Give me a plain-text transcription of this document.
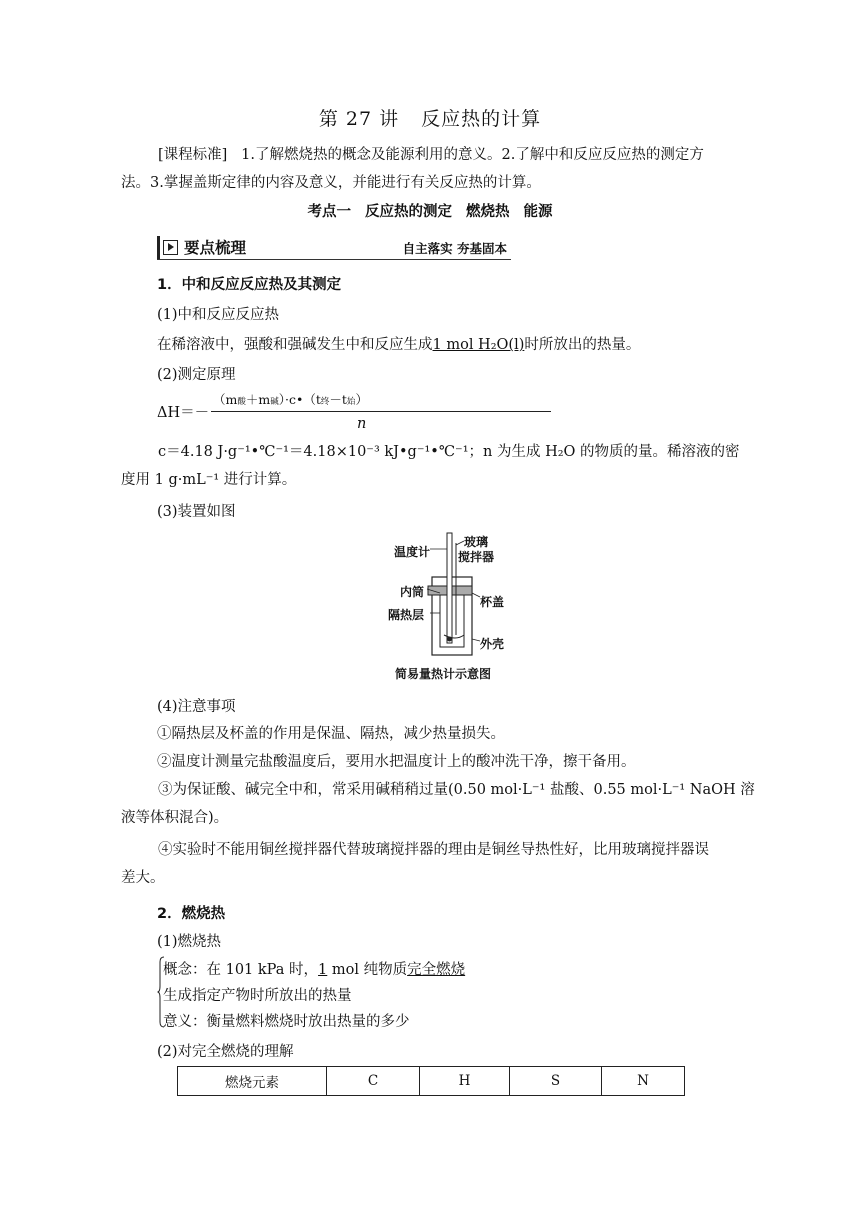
第 27 讲 反应热的计算
[课程标准] 1.了解燃烧热的概念及能源利用的意义。2.了解中和反应反应热的测定方
法。3.掌握盖斯定律的内容及意义，并能进行有关反应热的计算。
考点一 反应热的测定 燃烧热 能源
要点梳理	自主落实 夯基固本
1．中和反应反应热及其测定
(1)中和反应反应热
在稀溶液中，强酸和强碱发生中和反应生成1 mol H₂O(l)时所放出的热量。
(2)测定原理
ΔH＝－
（m酸＋m碱）·c•（t终－t始）
n
c＝4.18 J·g⁻¹•℃⁻¹＝4.18×10⁻³ kJ•g⁻¹•℃⁻¹；n 为生成 H₂O 的物质的量。稀溶液的密
度用 1 g·mL⁻¹ 进行计算。
(3)装置如图
温度计
玻璃
搅拌器
内筒
杯盖
隔热层
外壳
简易量热计示意图
(4)注意事项
①隔热层及杯盖的作用是保温、隔热，减少热量损失。
②温度计测量完盐酸温度后，要用水把温度计上的酸冲洗干净，擦干备用。
③为保证酸、碱完全中和，常采用碱稍稍过量(0.50 mol·L⁻¹ 盐酸、0.55 mol·L⁻¹ NaOH 溶
液等体积混合)。
④实验时不能用铜丝搅拌器代替玻璃搅拌器的理由是铜丝导热性好，比用玻璃搅拌器误
差大。
2．燃烧热
(1)燃烧热
概念：在 101 kPa 时，1 mol 纯物质完全燃烧
生成指定产物时所放出的热量
意义：衡量燃料燃烧时放出热量的多少
(2)对完全燃烧的理解
燃烧元素	C	H	S	N
